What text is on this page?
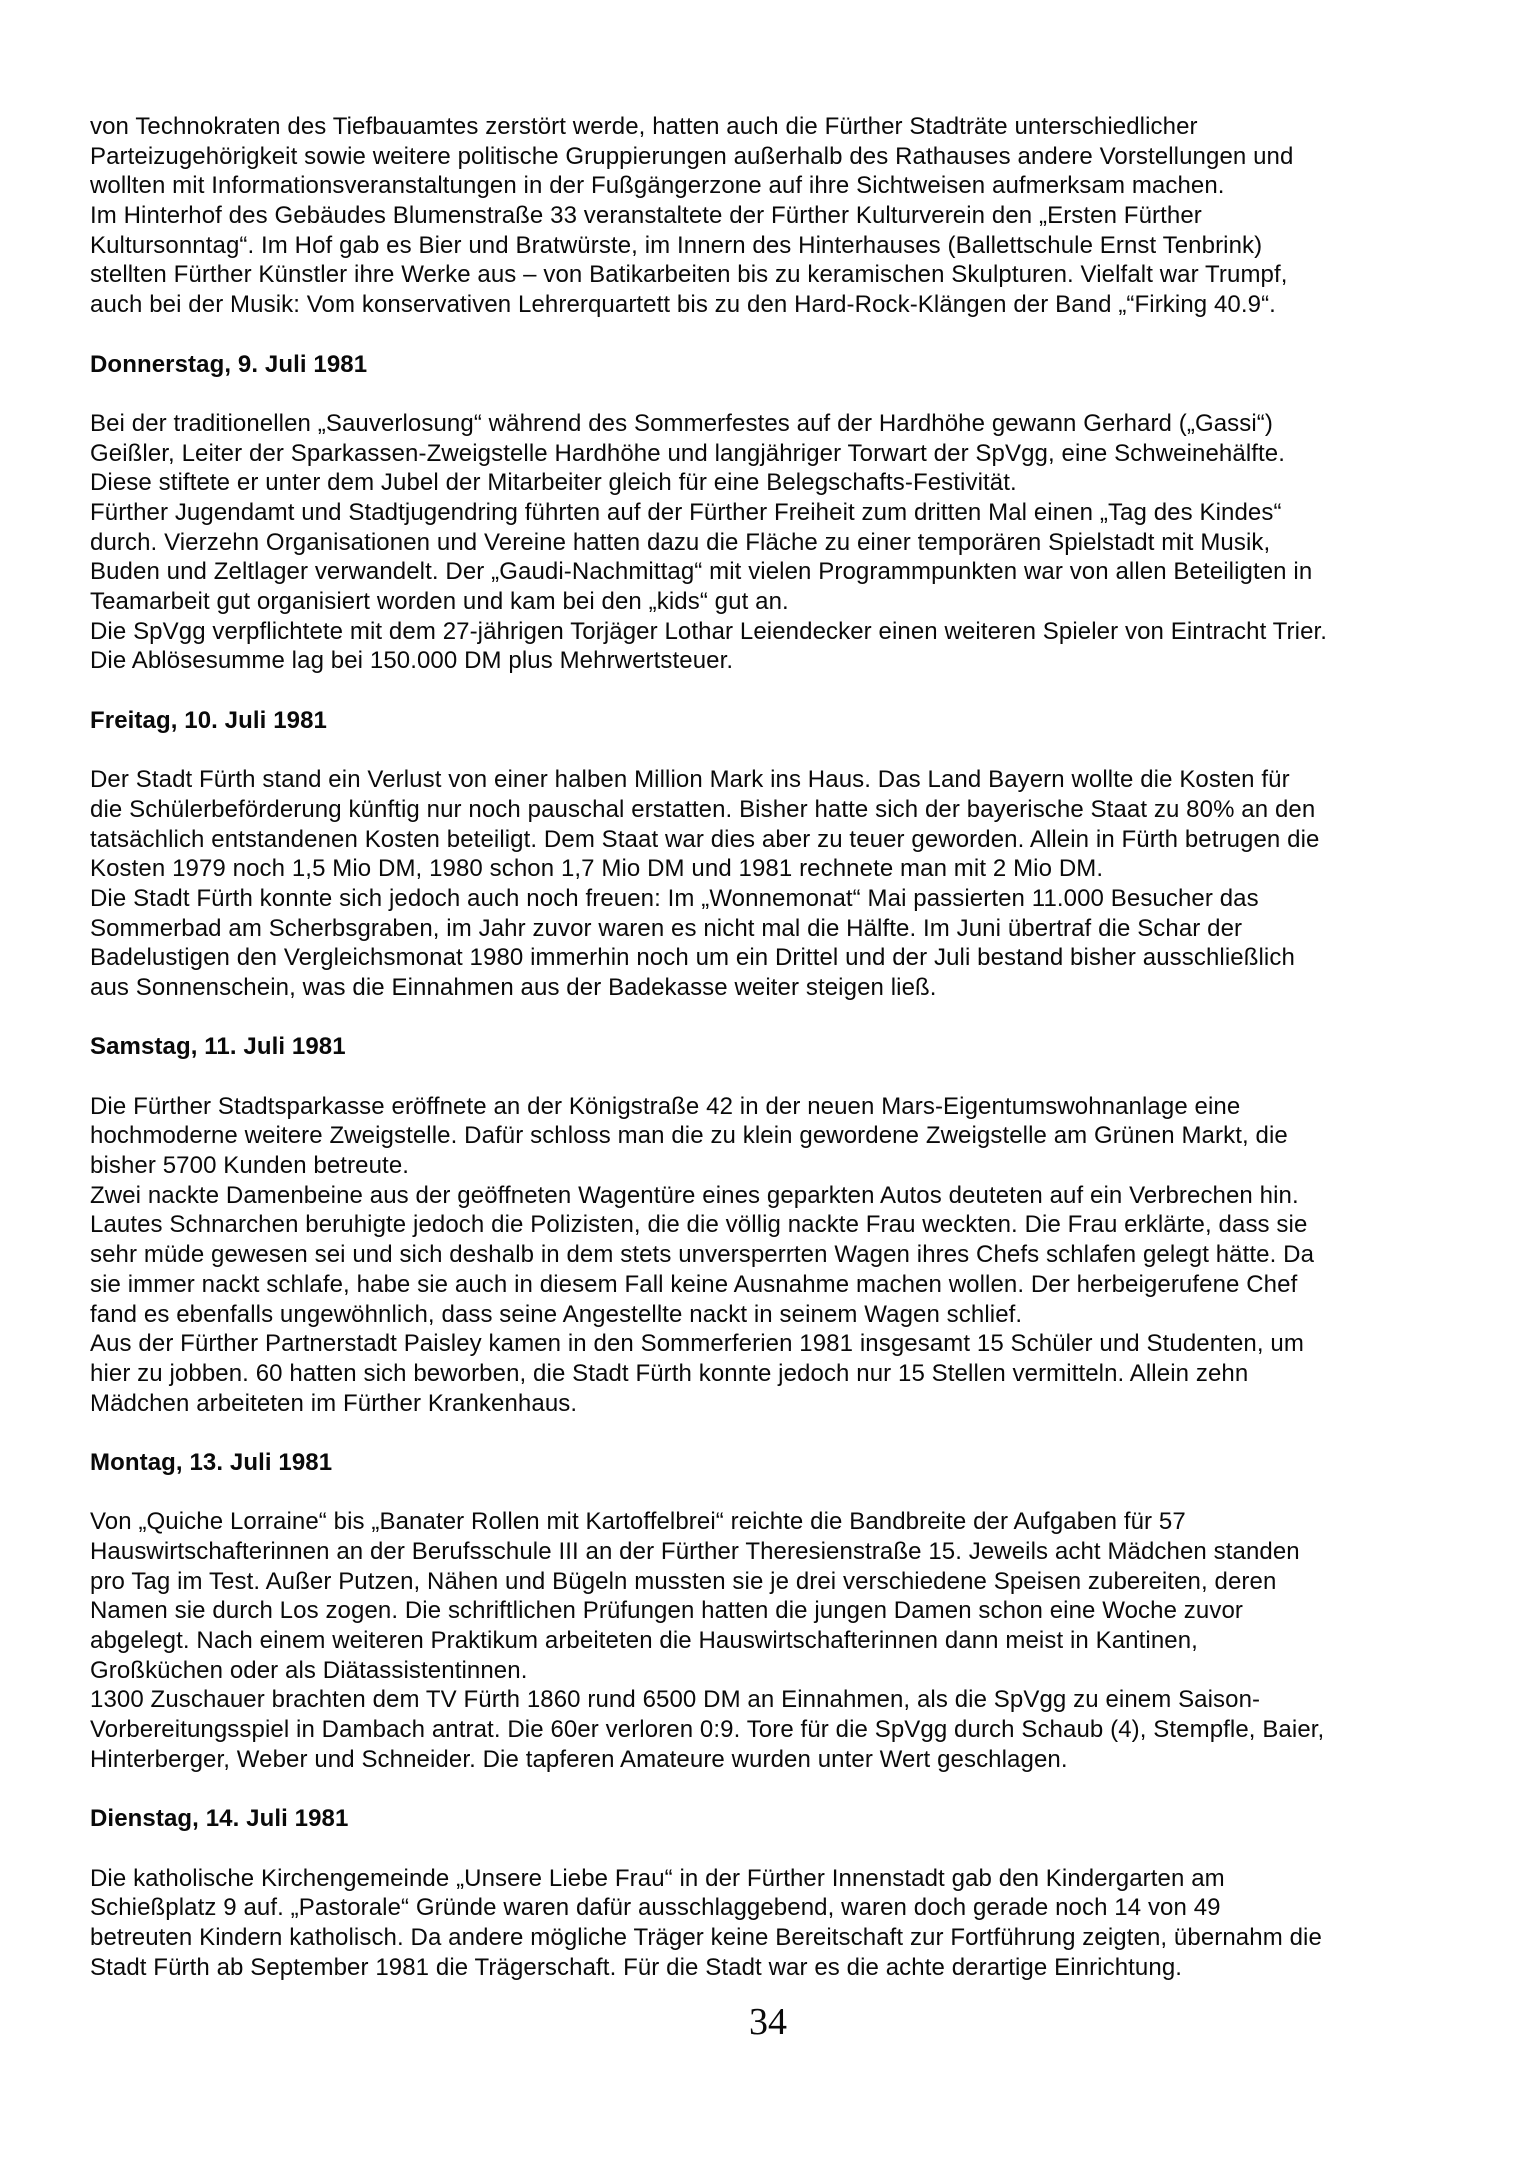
von Technokraten des Tiefbauamtes zerstört werde, hatten auch die Fürther Stadträte unterschiedlicher
Parteizugehörigkeit sowie weitere politische Gruppierungen außerhalb des Rathauses andere Vorstellungen und
wollten mit Informationsveranstaltungen in der Fußgängerzone auf ihre Sichtweisen aufmerksam machen.
Im Hinterhof des Gebäudes Blumenstraße 33 veranstaltete der Fürther Kulturverein den „Ersten Fürther
Kultursonntag“. Im Hof gab es Bier und Bratwürste, im Innern des Hinterhauses (Ballettschule Ernst Tenbrink)
stellten Fürther Künstler ihre Werke aus – von Batikarbeiten bis zu keramischen Skulpturen. Vielfalt war Trumpf,
auch bei der Musik: Vom konservativen Lehrerquartett bis zu den Hard-Rock-Klängen der Band „“Firking 40.9“.
Donnerstag, 9. Juli 1981
Bei der traditionellen „Sauverlosung“ während des Sommerfestes auf der Hardhöhe gewann Gerhard („Gassi“)
Geißler, Leiter der Sparkassen-Zweigstelle Hardhöhe und langjähriger Torwart der SpVgg, eine Schweinehälfte.
Diese stiftete er unter dem Jubel der Mitarbeiter gleich für eine Belegschafts-Festivität.
Fürther Jugendamt und Stadtjugendring führten auf der Fürther Freiheit zum dritten Mal einen „Tag des Kindes“
durch. Vierzehn Organisationen und Vereine hatten dazu die Fläche zu einer temporären Spielstadt mit Musik,
Buden und Zeltlager verwandelt. Der „Gaudi-Nachmittag“ mit vielen Programmpunkten war von allen Beteiligten in
Teamarbeit gut organisiert worden und kam bei den „kids“ gut an.
Die SpVgg verpflichtete mit dem 27-jährigen Torjäger Lothar Leiendecker einen weiteren Spieler von Eintracht Trier.
Die Ablösesumme lag bei 150.000 DM plus Mehrwertsteuer.
Freitag, 10. Juli 1981
Der Stadt Fürth stand ein Verlust von einer halben Million Mark ins Haus. Das Land Bayern wollte die Kosten für
die Schülerbeförderung künftig nur noch pauschal erstatten. Bisher hatte sich der bayerische Staat zu 80% an den
tatsächlich entstandenen Kosten beteiligt. Dem Staat war dies aber zu teuer geworden. Allein in Fürth betrugen die
Kosten 1979 noch 1,5 Mio DM, 1980 schon 1,7 Mio DM und 1981 rechnete man mit 2 Mio DM.
Die Stadt Fürth konnte sich jedoch auch noch freuen: Im „Wonnemonat“ Mai passierten 11.000 Besucher das
Sommerbad am Scherbsgraben, im Jahr zuvor waren es nicht mal die Hälfte. Im Juni übertraf die Schar der
Badelustigen den Vergleichsmonat 1980 immerhin noch um ein Drittel und der Juli bestand bisher ausschließlich
aus Sonnenschein, was die Einnahmen aus der Badekasse weiter steigen ließ.
Samstag, 11. Juli 1981
Die Fürther Stadtsparkasse eröffnete an der Königstraße 42 in der neuen Mars-Eigentumswohnanlage eine
hochmoderne weitere Zweigstelle. Dafür schloss man die zu klein gewordene Zweigstelle am Grünen Markt, die
bisher 5700 Kunden betreute.
Zwei nackte Damenbeine aus der geöffneten Wagentüre eines geparkten Autos deuteten auf ein Verbrechen hin.
Lautes Schnarchen beruhigte jedoch die Polizisten, die die völlig nackte Frau weckten. Die Frau erklärte, dass sie
sehr müde gewesen sei und sich deshalb in dem stets unversperrten Wagen ihres Chefs schlafen gelegt hätte. Da
sie immer nackt schlafe, habe sie auch in diesem Fall keine Ausnahme machen wollen. Der herbeigerufene Chef
fand es ebenfalls ungewöhnlich, dass seine Angestellte nackt in seinem Wagen schlief.
Aus der Fürther Partnerstadt Paisley kamen in den Sommerferien 1981 insgesamt 15 Schüler und Studenten, um
hier zu jobben. 60 hatten sich beworben, die Stadt Fürth konnte jedoch nur 15 Stellen vermitteln. Allein zehn
Mädchen arbeiteten im Fürther Krankenhaus.
Montag, 13. Juli 1981
Von „Quiche Lorraine“ bis „Banater Rollen mit Kartoffelbrei“ reichte die Bandbreite der Aufgaben für 57
Hauswirtschafterinnen an der Berufsschule III an der Fürther Theresienstraße 15. Jeweils acht Mädchen standen
pro Tag im Test. Außer Putzen, Nähen und Bügeln mussten sie je drei verschiedene Speisen zubereiten, deren
Namen sie durch Los zogen. Die schriftlichen Prüfungen hatten die jungen Damen schon eine Woche zuvor
abgelegt. Nach einem weiteren Praktikum arbeiteten die Hauswirtschafterinnen dann meist in Kantinen,
Großküchen oder als Diätassistentinnen.
1300 Zuschauer brachten dem TV Fürth 1860 rund 6500 DM an Einnahmen, als die SpVgg zu einem Saison-
Vorbereitungsspiel in Dambach antrat. Die 60er verloren 0:9. Tore für die SpVgg durch Schaub (4), Stempfle, Baier,
Hinterberger, Weber und Schneider. Die tapferen Amateure wurden unter Wert geschlagen.
Dienstag, 14. Juli 1981
Die katholische Kirchengemeinde „Unsere Liebe Frau“ in der Fürther Innenstadt gab den Kindergarten am
Schießplatz 9 auf. „Pastorale“ Gründe waren dafür ausschlaggebend, waren doch gerade noch 14 von 49
betreuten Kindern katholisch. Da andere mögliche Träger keine Bereitschaft zur Fortführung zeigten, übernahm die
Stadt Fürth ab September 1981 die Trägerschaft. Für die Stadt war es die achte derartige Einrichtung.
34
